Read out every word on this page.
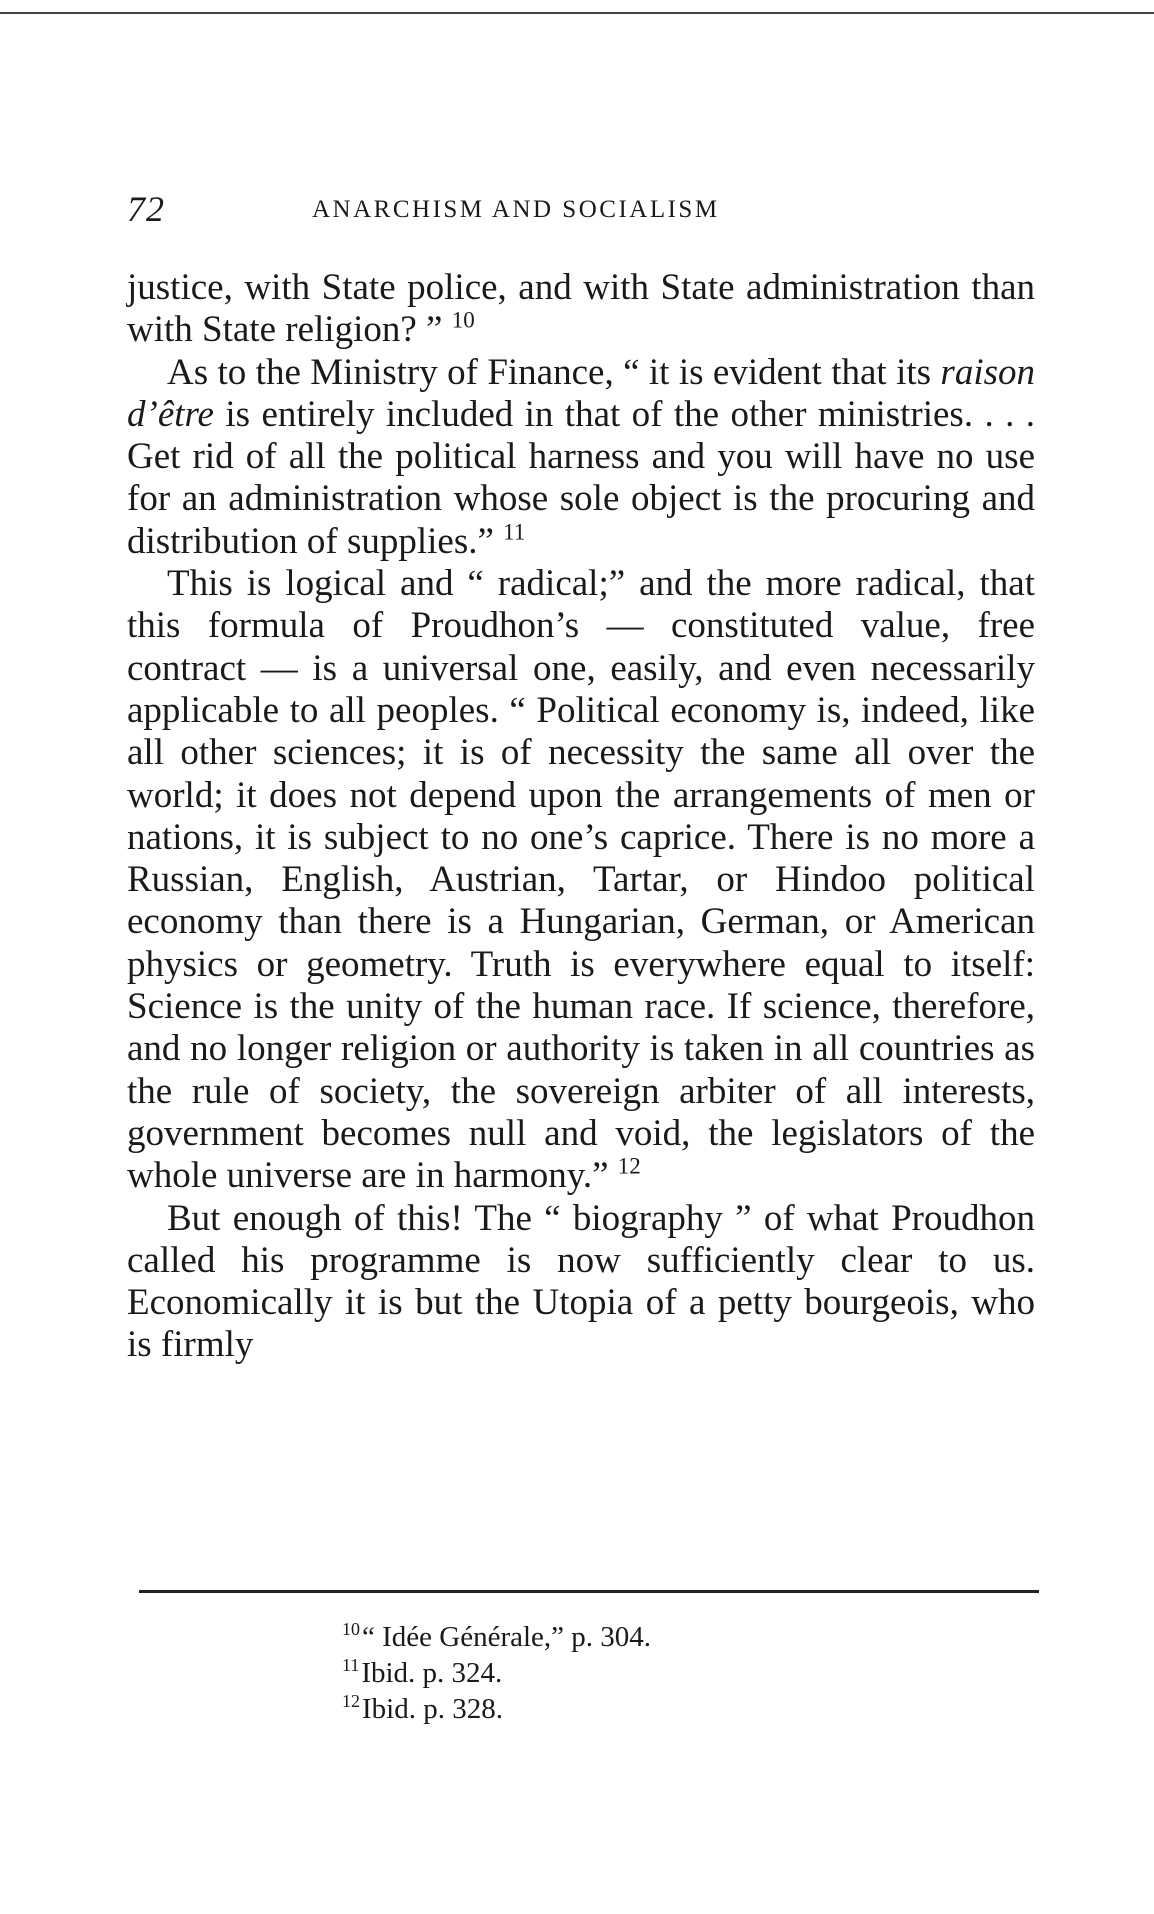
72	ANARCHISM AND SOCIALISM

justice, with State police, and with State administration than with State religion? ” $^{10}$

As to the Ministry of Finance, “ it is evident that its raison d’être is entirely included in that of the other ministries. . . . Get rid of all the political harness and you will have no use for an administration whose sole object is the procuring and distribution of supplies.” $^{11}$

This is logical and “ radical;” and the more radical, that this formula of Proudhon’s — constituted value, free contract — is a universal one, easily, and even necessarily applicable to all peoples. “ Political economy is, indeed, like all other sciences; it is of necessity the same all over the world; it does not depend upon the arrangements of men or nations, it is subject to no one’s caprice. There is no more a Russian, English, Austrian, Tartar, or Hindoo political economy than there is a Hungarian, German, or American physics or geometry. Truth is everywhere equal to itself: Science is the unity of the human race. If science, therefore, and no longer religion or authority is taken in all countries as the rule of society, the sovereign arbiter of all interests, government becomes null and void, the legislators of the whole universe are in harmony.” $^{12}$

But enough of this! The “ biography ” of what Proudhon called his programme is now sufficiently clear to us. Economically it is but the Utopia of a petty bourgeois, who is firmly

$^{10}$“ Idée Générale,” p. 304.
$^{11}$Ibid. p. 324.
$^{12}$Ibid. p. 328.
